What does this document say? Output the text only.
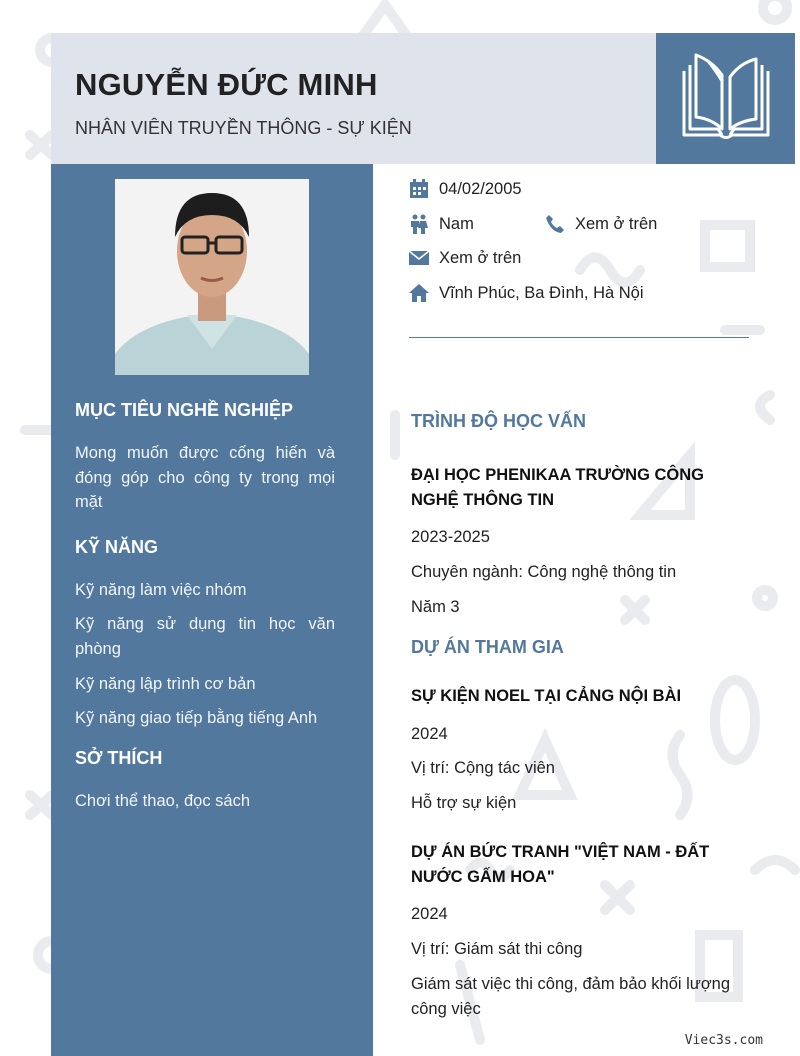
NGUYỄN ĐỨC MINH
NHÂN VIÊN TRUYỀN THÔNG - SỰ KIỆN
MỤC TIÊU NGHỀ NGHIỆP
Mong muốn được cống hiến và đóng góp cho công ty trong mọi mặt
KỸ NĂNG
Kỹ năng làm việc nhóm
Kỹ năng sử dụng tin học văn phòng
Kỹ năng lập trình cơ bản
Kỹ năng giao tiếp bằng tiếng Anh
SỞ THÍCH
Chơi thể thao, đọc sách
04/02/2005
Nam	Xem ở trên
Xem ở trên
Vĩnh Phúc, Ba Đình, Hà Nội
TRÌNH ĐỘ HỌC VẤN
ĐẠI HỌC PHENIKAA TRƯỜNG CÔNG NGHỆ THÔNG TIN
2023-2025
Chuyên ngành: Công nghệ thông tin
Năm 3
DỰ ÁN THAM GIA
SỰ KIỆN NOEL TẠI CẢNG NỘI BÀI
2024
Vị trí: Cộng tác viên
Hỗ trợ sự kiện
DỰ ÁN BỨC TRANH "VIỆT NAM - ĐẤT NƯỚC GẤM HOA"
2024
Vị trí: Giám sát thi công
Giám sát việc thi công, đảm bảo khối lượng công việc
Viec3s.com
